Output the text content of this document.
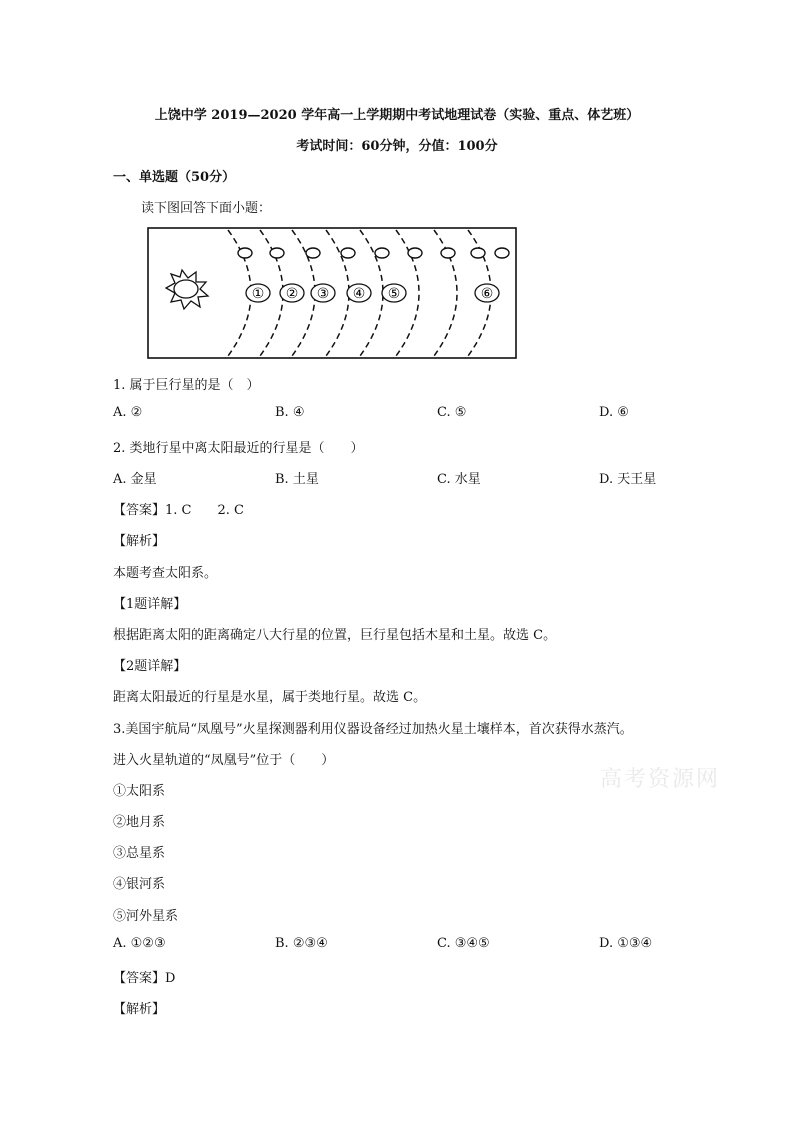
上饶中学 2019—2020 学年高一上学期期中考试地理试卷（实验、重点、体艺班）
考试时间：60分钟，分值：100分
一、单选题（50分）
读下图回答下面小题：
① ② ③ ④ ⑤	⑥
1. 属于巨行星的是（　）
A. ②	B. ④	C. ⑤	D. ⑥
2. 类地行星中离太阳最近的行星是（　　）
A. 金星	B. 土星	C. 水星	D. 天王星
【答案】1. C　　2. C
【解析】
本题考查太阳系。
【1题详解】
根据距离太阳的距离确定八大行星的位置，巨行星包括木星和土星。故选 C。
【2题详解】
距离太阳最近的行星是水星，属于类地行星。故选 C。
3.美国宇航局“凤凰号”火星探测器利用仪器设备经过加热火星土壤样本，首次获得水蒸汽。
进入火星轨道的“凤凰号”位于（　　）
①太阳系
②地月系
③总星系
④银河系
⑤河外星系
A. ①②③	B. ②③④	C. ③④⑤	D. ①③④
【答案】D
【解析】
高考资源网
